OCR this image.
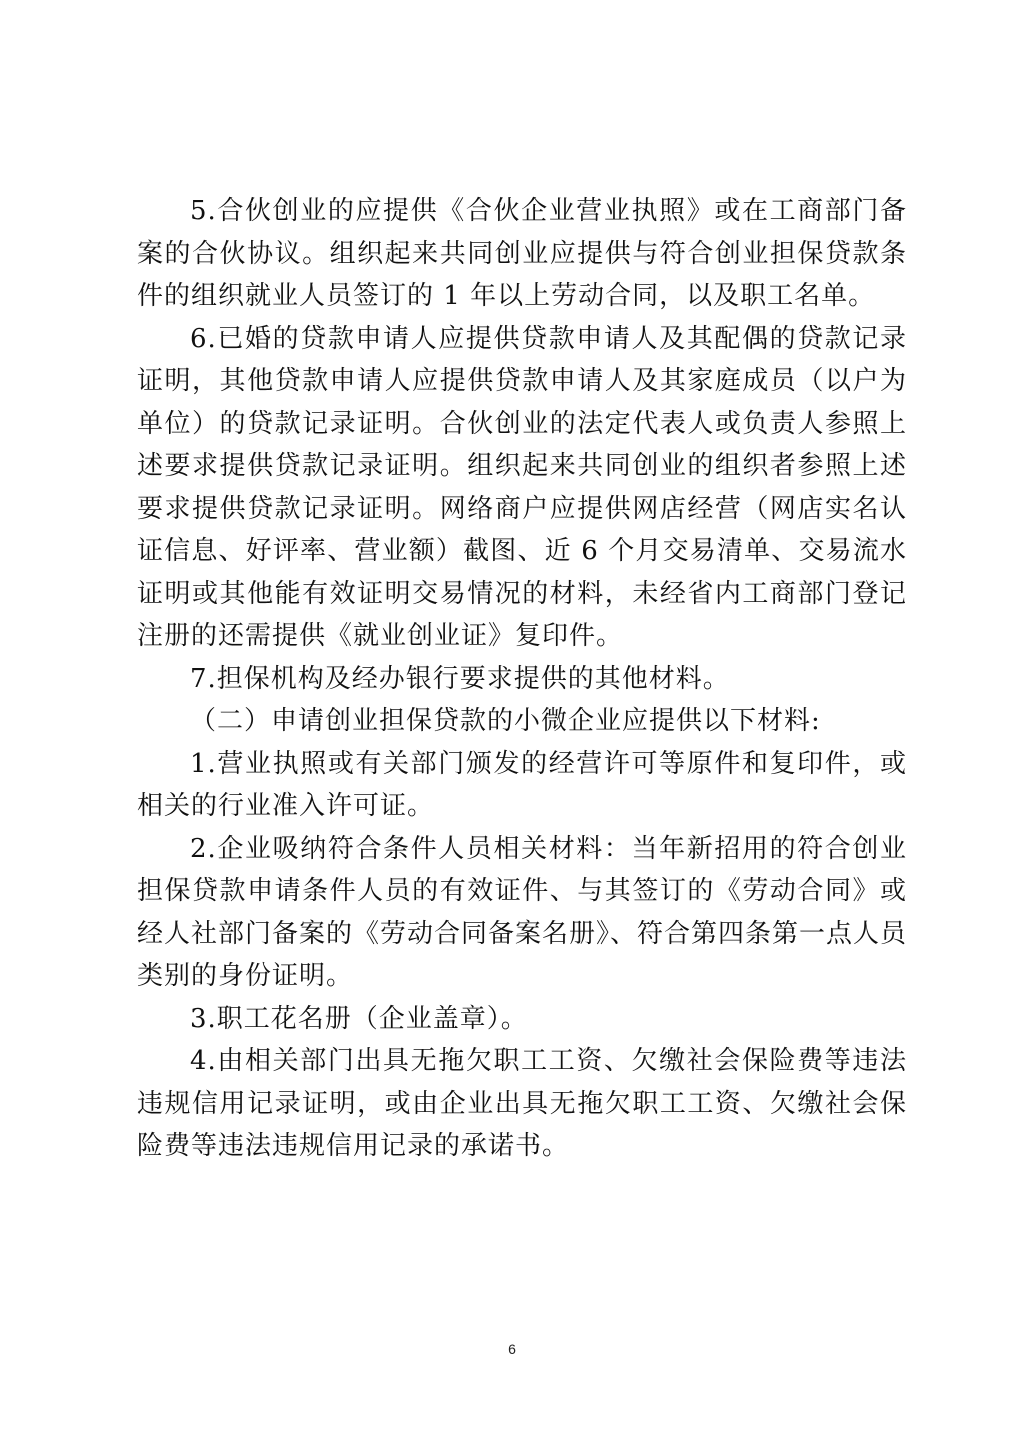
5.合伙创业的应提供《合伙企业营业执照》或在工商部门备案的合伙协议。组织起来共同创业应提供与符合创业担保贷款条件的组织就业人员签订的 1 年以上劳动合同，以及职工名单。

6.已婚的贷款申请人应提供贷款申请人及其配偶的贷款记录证明，其他贷款申请人应提供贷款申请人及其家庭成员（以户为单位）的贷款记录证明。合伙创业的法定代表人或负责人参照上述要求提供贷款记录证明。组织起来共同创业的组织者参照上述要求提供贷款记录证明。网络商户应提供网店经营（网店实名认证信息、好评率、营业额）截图、近 6 个月交易清单、交易流水证明或其他能有效证明交易情况的材料，未经省内工商部门登记注册的还需提供《就业创业证》复印件。

7.担保机构及经办银行要求提供的其他材料。

（二）申请创业担保贷款的小微企业应提供以下材料:

1.营业执照或有关部门颁发的经营许可等原件和复印件，或相关的行业准入许可证。

2.企业吸纳符合条件人员相关材料：当年新招用的符合创业担保贷款申请条件人员的有效证件、与其签订的《劳动合同》或经人社部门备案的《劳动合同备案名册》、符合第四条第一点人员类别的身份证明。

3.职工花名册（企业盖章）。

4.由相关部门出具无拖欠职工工资、欠缴社会保险费等违法违规信用记录证明，或由企业出具无拖欠职工工资、欠缴社会保险费等违法违规信用记录的承诺书。

6
